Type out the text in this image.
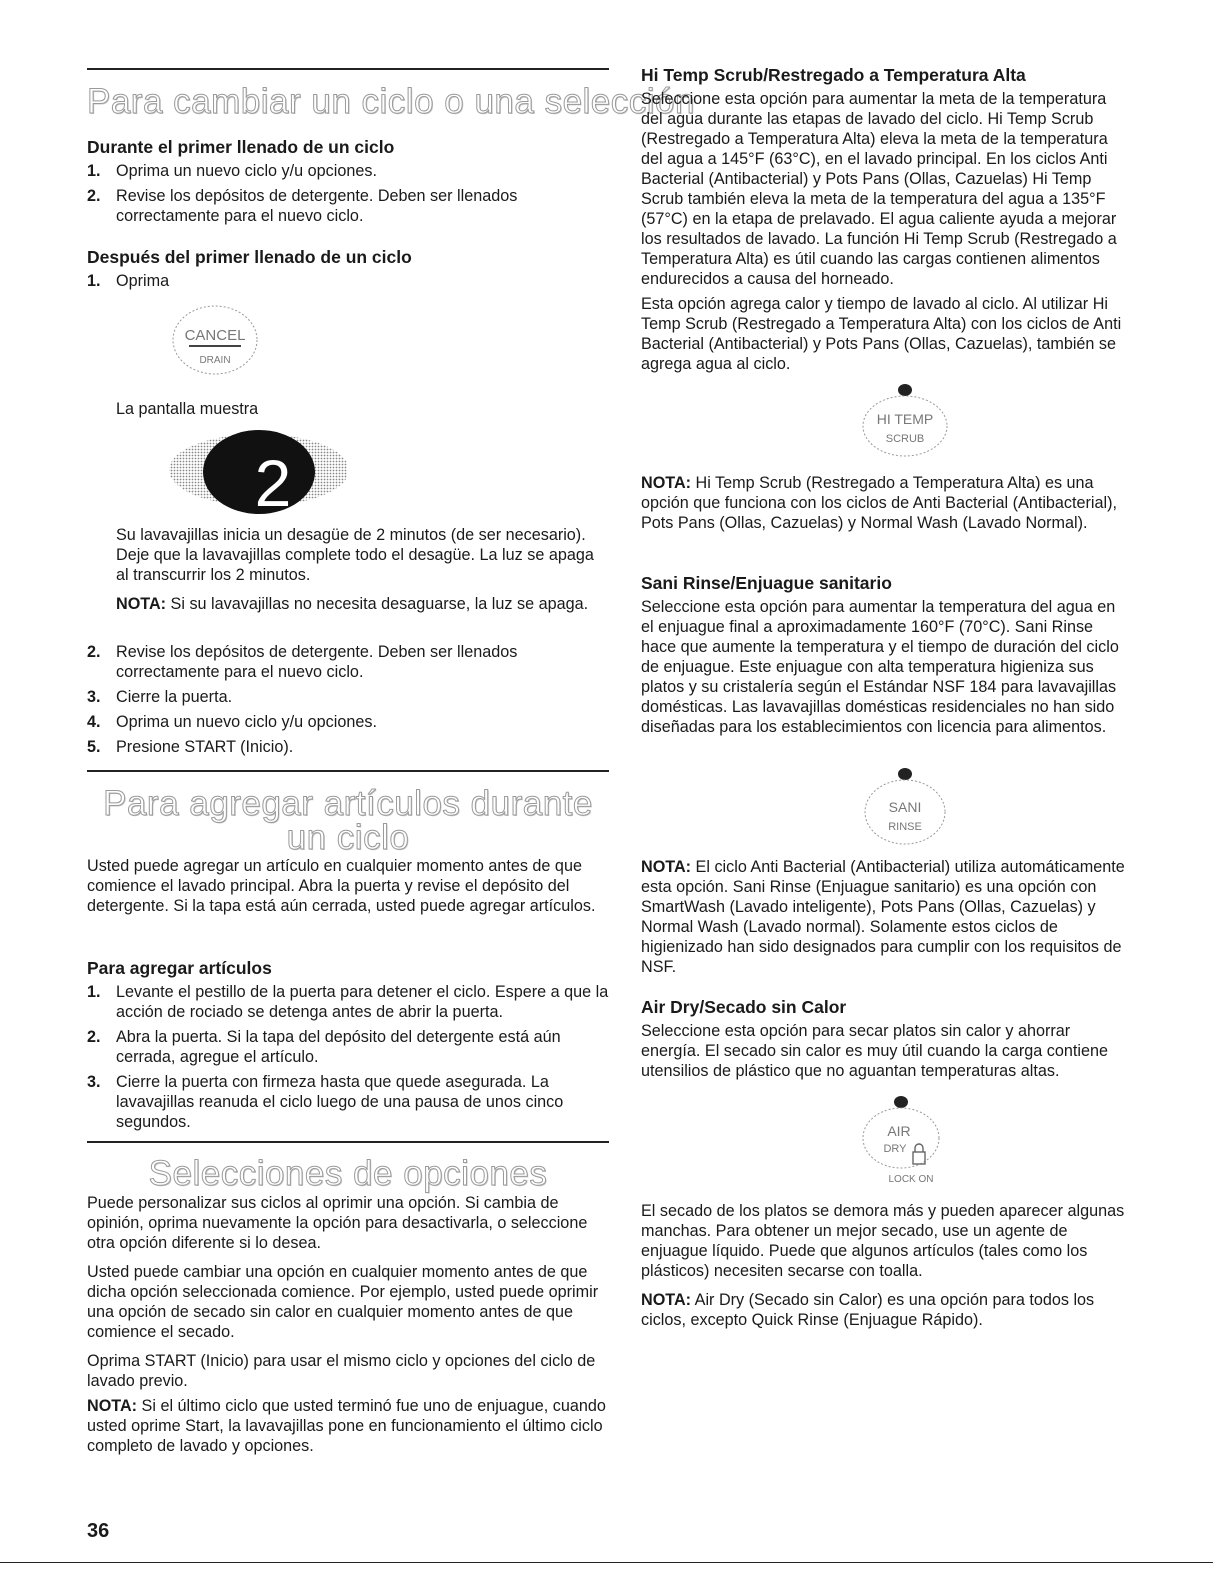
Para cambiar un ciclo o una selección
Durante el primer llenado de un ciclo
1. Oprima un nuevo ciclo y/u opciones.
2. Revise los depósitos de detergente. Deben ser llenados correctamente para el nuevo ciclo.
Después del primer llenado de un ciclo
1. Oprima
CANCEL
DRAIN

La pantalla muestra

2

Su lavavajillas inicia un desagüe de 2 minutos (de ser necesario). Deje que la lavavajillas complete todo el desagüe. La luz se apaga al transcurrir los 2 minutos.

NOTA: Si su lavavajillas no necesita desaguarse, la luz se apaga.

2. Revise los depósitos de detergente. Deben ser llenados correctamente para el nuevo ciclo.
3. Cierre la puerta.
4. Oprima un nuevo ciclo y/u opciones.
5. Presione START (Inicio).
Para agregar artículos durante
un ciclo

Usted puede agregar un artículo en cualquier momento antes de que comience el lavado principal. Abra la puerta y revise el depósito del detergente. Si la tapa está aún cerrada, usted puede agregar artículos.

Para agregar artículos
1. Levante el pestillo de la puerta para detener el ciclo. Espere a que la acción de rociado se detenga antes de abrir la puerta.
2. Abra la puerta. Si la tapa del depósito del detergente está aún cerrada, agregue el artículo.
3. Cierre la puerta con firmeza hasta que quede asegurada. La lavavajillas reanuda el ciclo luego de una pausa de unos cinco segundos.
Selecciones de opciones

Puede personalizar sus ciclos al oprimir una opción. Si cambia de opinión, oprima nuevamente la opción para desactivarla, o seleccione otra opción diferente si lo desea.

Usted puede cambiar una opción en cualquier momento antes de que dicha opción seleccionada comience. Por ejemplo, usted puede oprimir una opción de secado sin calor en cualquier momento antes de que comience el secado.

Oprima START (Inicio) para usar el mismo ciclo y opciones del ciclo de lavado previo.

NOTA: Si el último ciclo que usted terminó fue uno de enjuague, cuando usted oprime Start, la lavavajillas pone en funcionamiento el último ciclo completo de lavado y opciones.

Hi Temp Scrub/Restregado a Temperatura Alta

Seleccione esta opción para aumentar la meta de la temperatura del agua durante las etapas de lavado del ciclo. Hi Temp Scrub (Restregado a Temperatura Alta) eleva la meta de la temperatura del agua a 145°F (63°C), en el lavado principal. En los ciclos Anti Bacterial (Antibacterial) y Pots Pans (Ollas, Cazuelas) Hi Temp Scrub también eleva la meta de la temperatura del agua a 135°F (57°C) en la etapa de prelavado. El agua caliente ayuda a mejorar los resultados de lavado. La función Hi Temp Scrub (Restregado a Temperatura Alta) es útil cuando las cargas contienen alimentos endurecidos a causa del horneado.

Esta opción agrega calor y tiempo de lavado al ciclo. Al utilizar Hi Temp Scrub (Restregado a Temperatura Alta) con los ciclos de Anti Bacterial (Antibacterial) y Pots Pans (Ollas, Cazuelas), también se agrega agua al ciclo.

HI TEMP
SCRUB

NOTA: Hi Temp Scrub (Restregado a Temperatura Alta) es una opción que funciona con los ciclos de Anti Bacterial (Antibacterial), Pots Pans (Ollas, Cazuelas) y Normal Wash (Lavado Normal).

Sani Rinse/Enjuague sanitario

Seleccione esta opción para aumentar la temperatura del agua en el enjuague final a aproximadamente 160°F (70°C). Sani Rinse hace que aumente la temperatura y el tiempo de duración del ciclo de enjuague. Este enjuague con alta temperatura higieniza sus platos y su cristalería según el Estándar NSF 184 para lavavajillas domésticas. Las lavavajillas domésticas residenciales no han sido diseñadas para los establecimientos con licencia para alimentos.

SANI
RINSE

NOTA: El ciclo Anti Bacterial (Antibacterial) utiliza automáticamente esta opción. Sani Rinse (Enjuague sanitario) es una opción con SmartWash (Lavado inteligente), Pots Pans (Ollas, Cazuelas) y Normal Wash (Lavado normal). Solamente estos ciclos de higienizado han sido designados para cumplir con los requisitos de NSF.

Air Dry/Secado sin Calor

Seleccione esta opción para secar platos sin calor y ahorrar energía. El secado sin calor es muy útil cuando la carga contiene utensilios de plástico que no aguantan temperaturas altas.

AIR
DRY
LOCK ON

El secado de los platos se demora más y pueden aparecer algunas manchas. Para obtener un mejor secado, use un agente de enjuague líquido. Puede que algunos artículos (tales como los plásticos) necesiten secarse con toalla.

NOTA: Air Dry (Secado sin Calor) es una opción para todos los ciclos, excepto Quick Rinse (Enjuague Rápido).

36
